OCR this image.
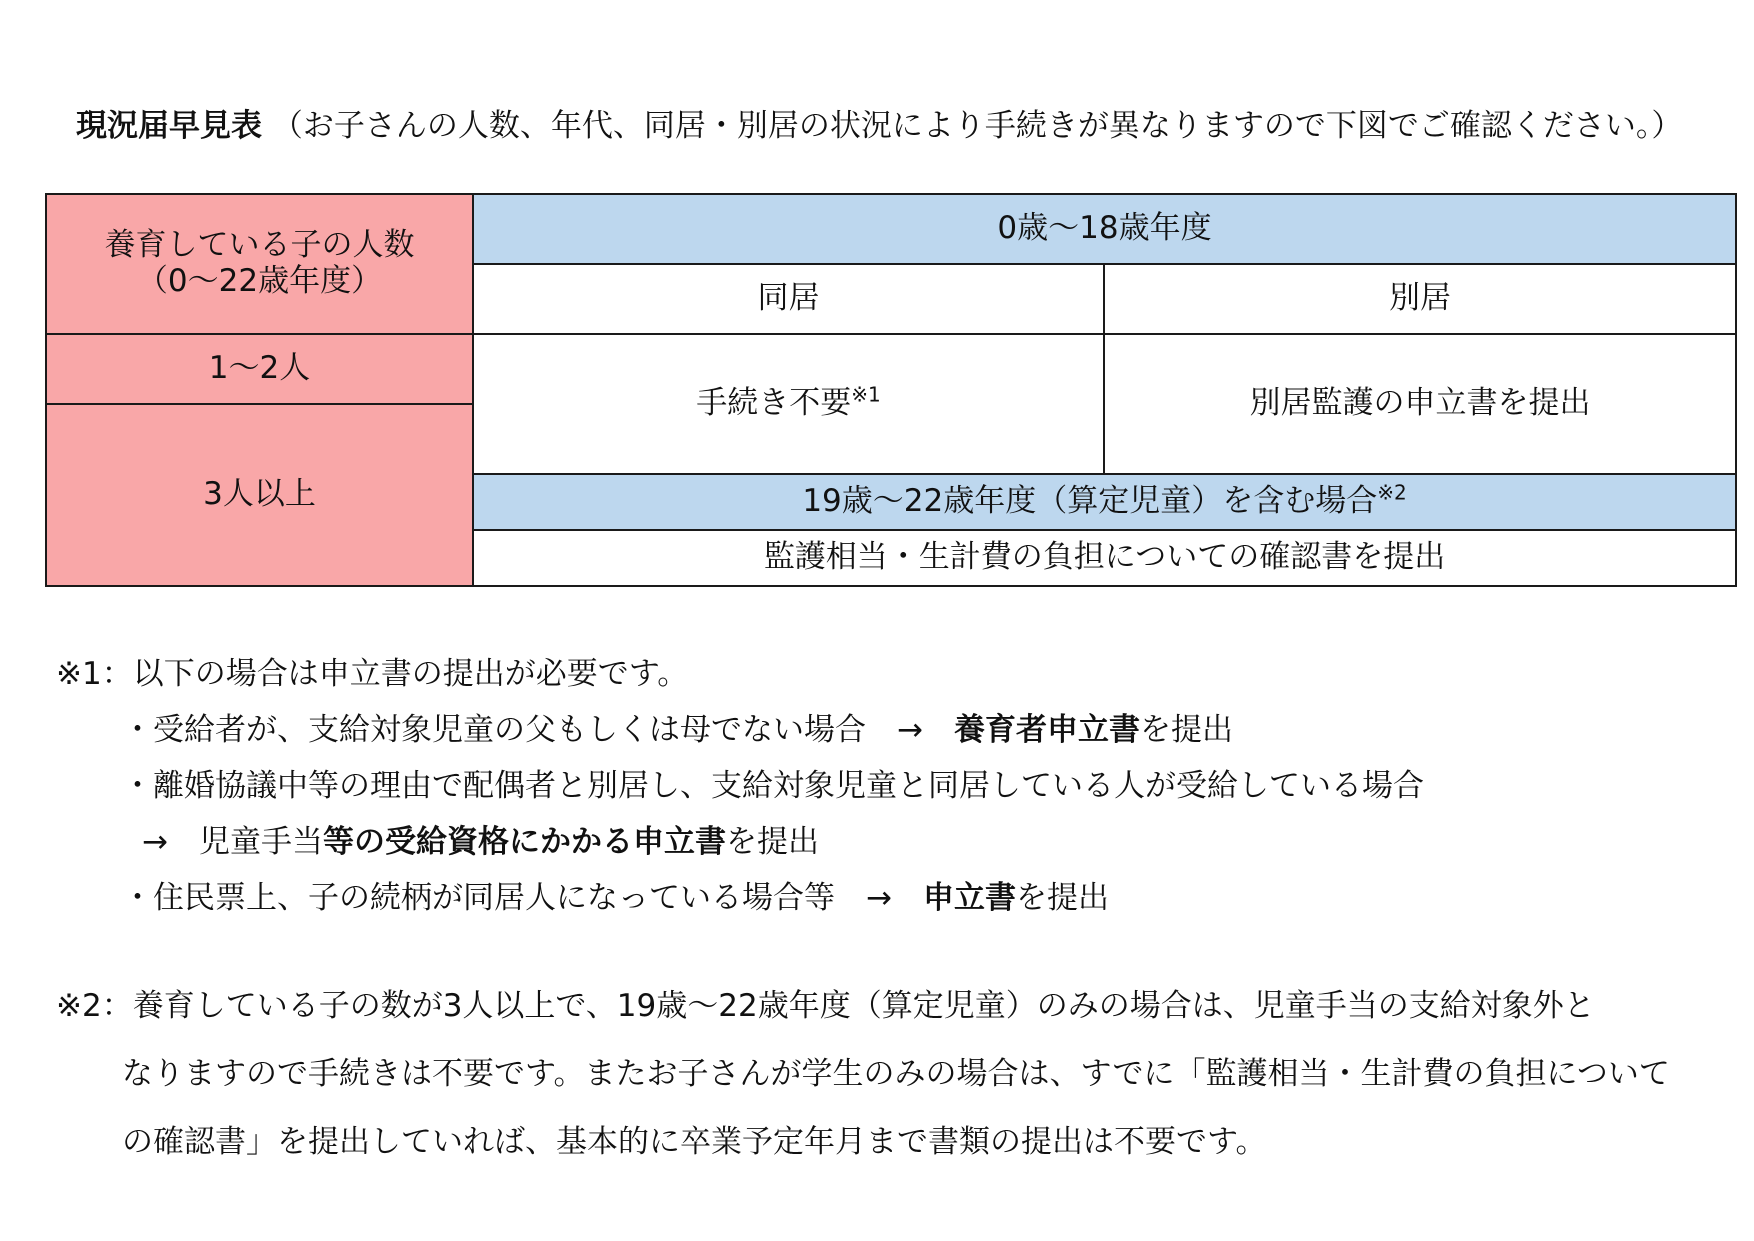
現況届早見表 （お子さんの人数、年代、同居・別居の状況により手続きが異なりますので下図でご確認ください。）
養育している子の人数
（0～22歳年度）	0歳～18歳年度	
	同居	別居
1～2人	手続き不要$^{※1}$	別居監護の申立書を提出
3人以上		
	19歳～22歳年度（算定児童）を含む場合$^{※2}$
	監護相当・生計費の負担についての確認書を提出	
※1：以下の場合は申立書の提出が必要です。
・受給者が、支給対象児童の父もしくは母でない場合　→　養育者申立書を提出
・離婚協議中等の理由で配偶者と別居し、支給対象児童と同居している人が受給している場合
→　児童手当等の受給資格にかかる申立書を提出
・住民票上、子の続柄が同居人になっている場合等　→　申立書を提出
※2：養育している子の数が3人以上で、19歳～22歳年度（算定児童）のみの場合は、児童手当の支給対象外と
なりますので手続きは不要です。またお子さんが学生のみの場合は、すでに「監護相当・生計費の負担について
の確認書」を提出していれば、基本的に卒業予定年月まで書類の提出は不要です。
